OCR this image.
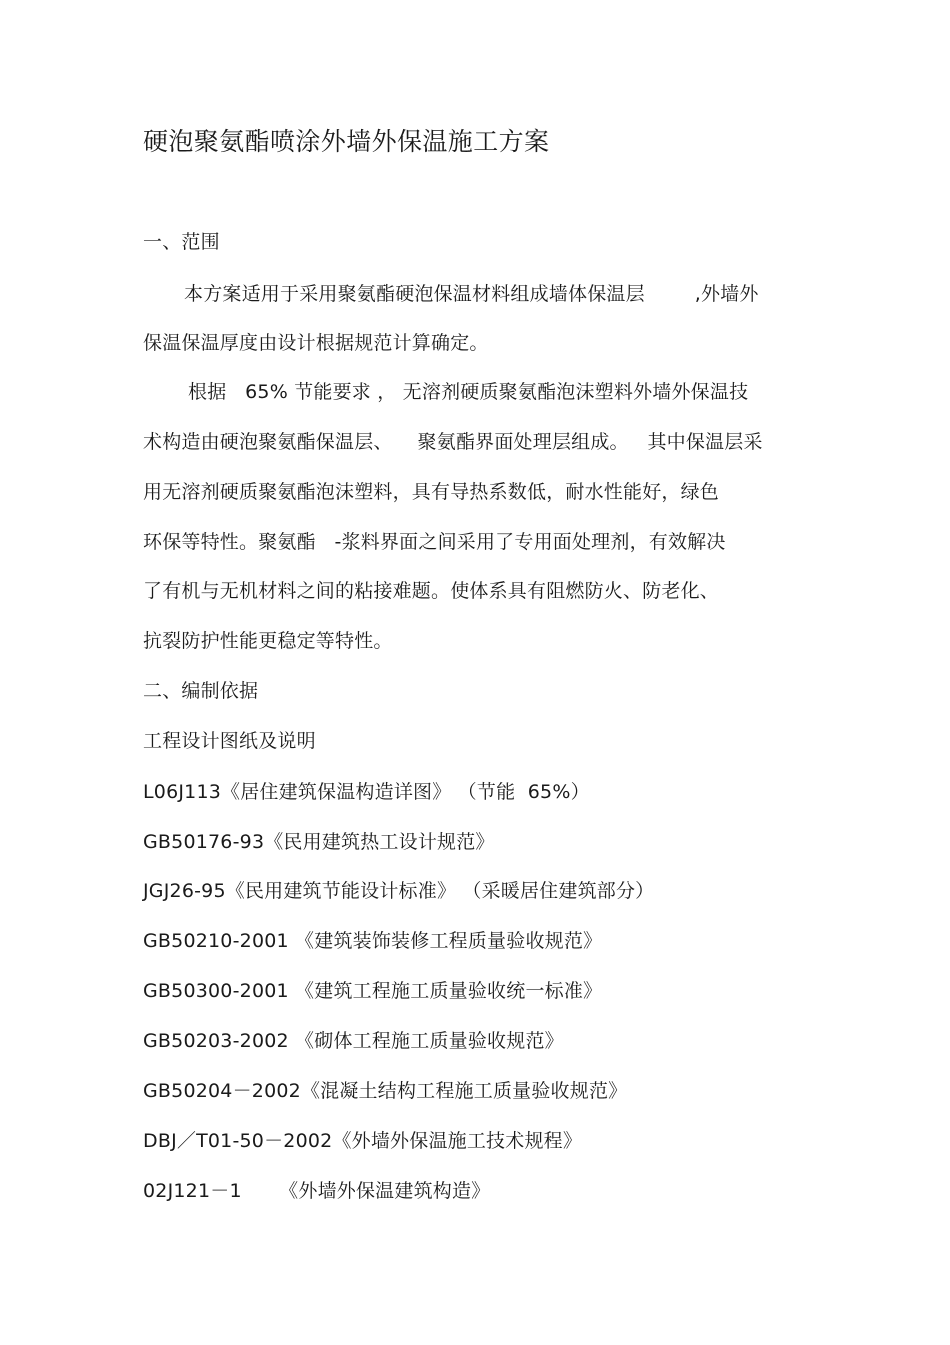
硬泡聚氨酯喷涂外墙外保温施工方案
一、范围
本方案适用于采用聚氨酯硬泡保温材料组成墙体保温层        ,外墙外
保温保温厚度由设计根据规范计算确定。
根据   65% 节能要求 ， 无溶剂硬质聚氨酯泡沫塑料外墙外保温技
术构造由硬泡聚氨酯保温层、    聚氨酯界面处理层组成。   其中保温层采
用无溶剂硬质聚氨酯泡沫塑料，具有导热系数低，耐水性能好，绿色
环保等特性。聚氨酯   -浆料界面之间采用了专用面处理剂，有效解决
了有机与无机材料之间的粘接难题。使体系具有阻燃防火、防老化、
抗裂防护性能更稳定等特性。
二、编制依据
工程设计图纸及说明
L06J113《居住建筑保温构造详图》 （节能  65%）
GB50176-93《民用建筑热工设计规范》
JGJ26-95《民用建筑节能设计标准》 （采暖居住建筑部分）
GB50210-2001 《建筑装饰装修工程质量验收规范》
GB50300-2001 《建筑工程施工质量验收统一标准》
GB50203-2002 《砌体工程施工质量验收规范》
GB50204－2002《混凝土结构工程施工质量验收规范》
DBJ／T01-50－2002《外墙外保温施工技术规程》
02J121－1      《外墙外保温建筑构造》
